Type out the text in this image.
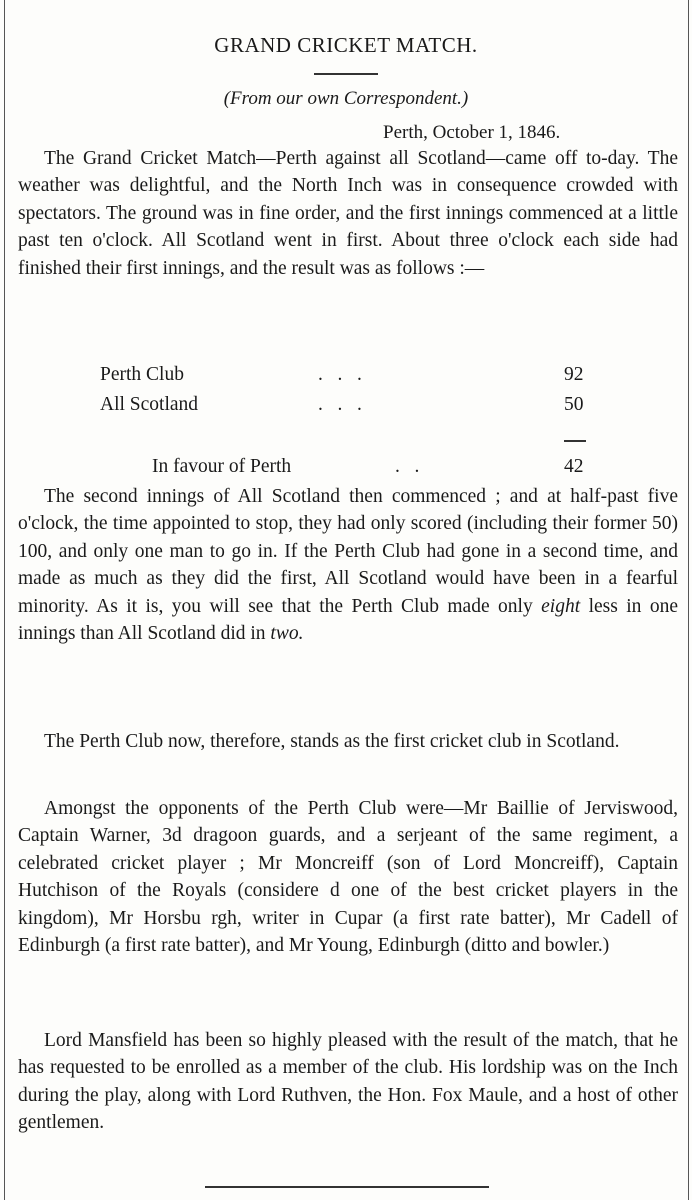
GRAND CRICKET MATCH.
(From our own Correspondent.)
Perth, October 1, 1846.

The Grand Cricket Match—Perth against all Scotland—came off to-day. The weather was delightful, and the North Inch was in consequence crowded with spectators. The ground was in fine order, and the first innings commenced at a little past ten o'clock. All Scotland went in first. About three o'clock each side had finished their first innings, and the result was as follows :—

Perth Club	.   .   .	92
All Scotland	.   .   .	50
In favour of Perth	.   .	42

The second innings of All Scotland then commenced ; and at half-past five o'clock, the time appointed to stop, they had only scored (including their former 50) 100, and only one man to go in. If the Perth Club had gone in a second time, and made as much as they did the first, All Scotland would have been in a fearful minority. As it is, you will see that the Perth Club made only eight less in one innings than All Scotland did in two.

The Perth Club now, therefore, stands as the first cricket club in Scotland.

Amongst the opponents of the Perth Club were—Mr Baillie of Jerviswood, Captain Warner, 3d dragoon guards, and a serjeant of the same regiment, a celebrated cricket player ; Mr Moncreiff (son of Lord Moncreiff), Captain Hutchison of the Royals (considere d one of the best cricket players in the kingdom), Mr Horsbu rgh, writer in Cupar (a first rate batter), Mr Cadell of Edinburgh (a first rate batter), and Mr Young, Edinburgh (ditto and bowler.)

Lord Mansfield has been so highly pleased with the result of the match, that he has requested to be enrolled as a member of the club. His lordship was on the Inch during the play, along with Lord Ruthven, the Hon. Fox Maule, and a host of other gentlemen.
